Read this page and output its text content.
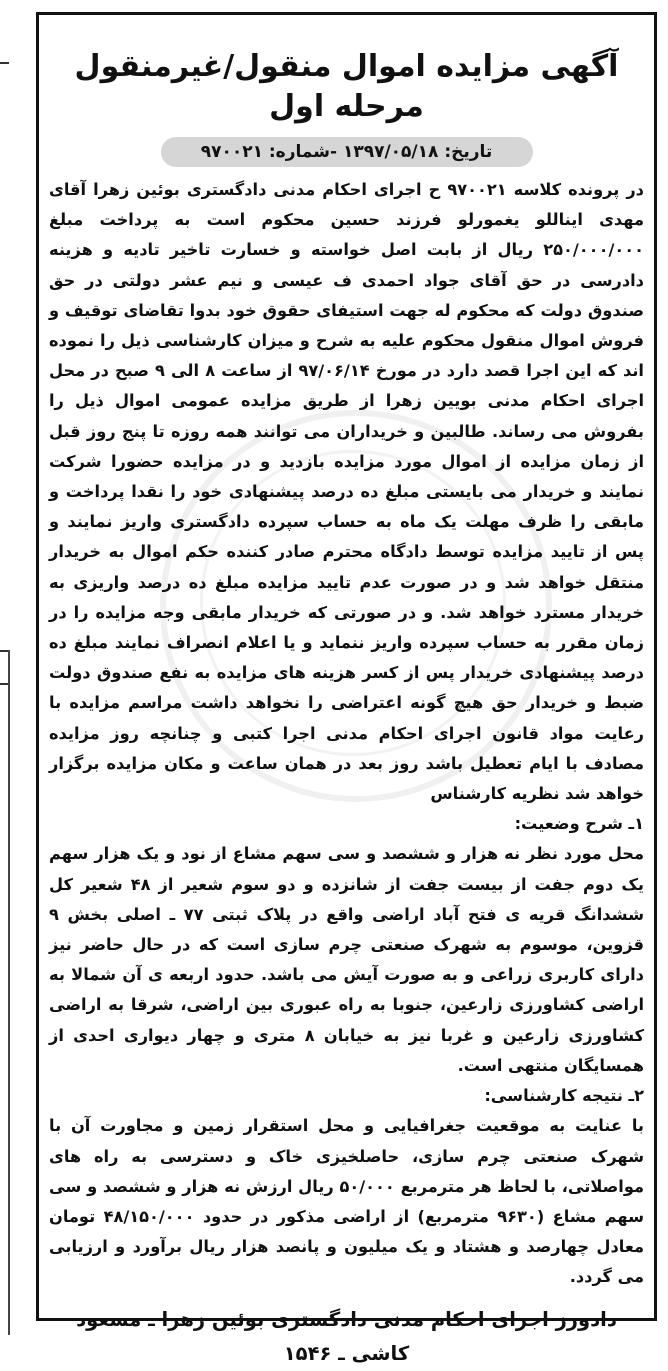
آگهی مزایده اموال منقول/غیرمنقول مرحله اول
تاریخ: ۱۳۹۷/۰۵/۱۸ -شماره: ۹۷۰۰۲۱

در پرونده کلاسه ۹۷۰۰۲۱ ح اجرای احکام مدنی دادگستری بوئین زهرا آقای مهدی ایناللو یغمورلو فرزند حسین محکوم است به پرداخت مبلغ ۲۵۰/۰۰۰/۰۰۰ ریال از بابت اصل خواسته و خسارت تاخیر تادیه و هزینه دادرسی در حق آقای جواد احمدی ف عیسی و نیم عشر دولتی در حق صندوق دولت که محکوم له جهت استیفای حقوق خود بدوا تقاضای توقیف و فروش اموال منقول محکوم علیه به شرح و میزان کارشناسی ذیل را نموده اند که این اجرا قصد دارد در مورخ ۹۷/۰۶/۱۴ از ساعت ۸ الی ۹ صبح در محل اجرای احکام مدنی بویین زهرا از طریق مزایده عمومی اموال ذیل را بفروش می رساند. طالبین و خریداران می توانند همه روزه تا پنج روز قبل از زمان مزایده از اموال مورد مزایده بازدید و در مزایده حضورا شرکت نمایند و خریدار می بایستی مبلغ ده درصد پیشنهادی خود را نقدا پرداخت و مابقی را ظرف مهلت یک ماه به حساب سپرده دادگستری واریز نمایند و پس از تایید مزایده توسط دادگاه محترم صادر کننده حکم اموال به خریدار منتقل خواهد شد و در صورت عدم تایید مزایده مبلغ ده درصد واریزی به خریدار مسترد خواهد شد. و در صورتی که خریدار مابقی وجه مزایده را در زمان مقرر به حساب سپرده واریز ننماید و یا اعلام انصراف نمایند مبلغ ده درصد پیشنهادی خریدار پس از کسر هزینه های مزایده به نفع صندوق دولت ضبط و خریدار حق هیچ گونه اعتراضی را نخواهد داشت مراسم مزایده با رعایت مواد قانون اجرای احکام مدنی اجرا کتبی و چنانچه روز مزایده مصادف با ایام تعطیل باشد روز بعد در همان ساعت و مکان مزایده برگزار خواهد شد نظریه کارشناس

۱ـ شرح وضعیت:

محل مورد نظر نه هزار و ششصد و سی سهم مشاع از نود و یک هزار سهم یک دوم جفت از بیست جفت از شانزده و دو سوم شعیر از ۴۸ شعیر کل ششدانگ قریه ی فتح آباد اراضی واقع در پلاک ثبتی ۷۷ ـ اصلی بخش ۹ قزوین، موسوم به شهرک صنعتی چرم سازی است که در حال حاضر نیز دارای کاربری زراعی و به صورت آیش می باشد. حدود اربعه ی آن شمالا به اراضی کشاورزی زارعین، جنوبا به راه عبوری بین اراضی، شرقا به اراضی کشاورزی زارعین و غربا نیز به خیابان ۸ متری و چهار دیواری احدی از همسایگان منتهی است.

۲ـ نتیجه کارشناسی:

با عنایت به موقعیت جغرافیایی و محل استقرار زمین و مجاورت آن با شهرک صنعتی چرم سازی، حاصلخیزی خاک و دسترسی به راه های مواصلاتی، با لحاظ هر مترمربع ۵۰/۰۰۰ ریال ارزش نه هزار و ششصد و سی سهم مشاع (۹۶۳۰ مترمربع) از اراضی مذکور در حدود ۴۸/۱۵۰/۰۰۰ تومان معادل چهارصد و هشتاد و یک میلیون و پانصد هزار ریال برآورد و ارزیابی می گردد.

دادورز اجرای احکام مدنی دادگستری بوئین زهرا ـ مسعود کاشی ـ ۱۵۴۶
